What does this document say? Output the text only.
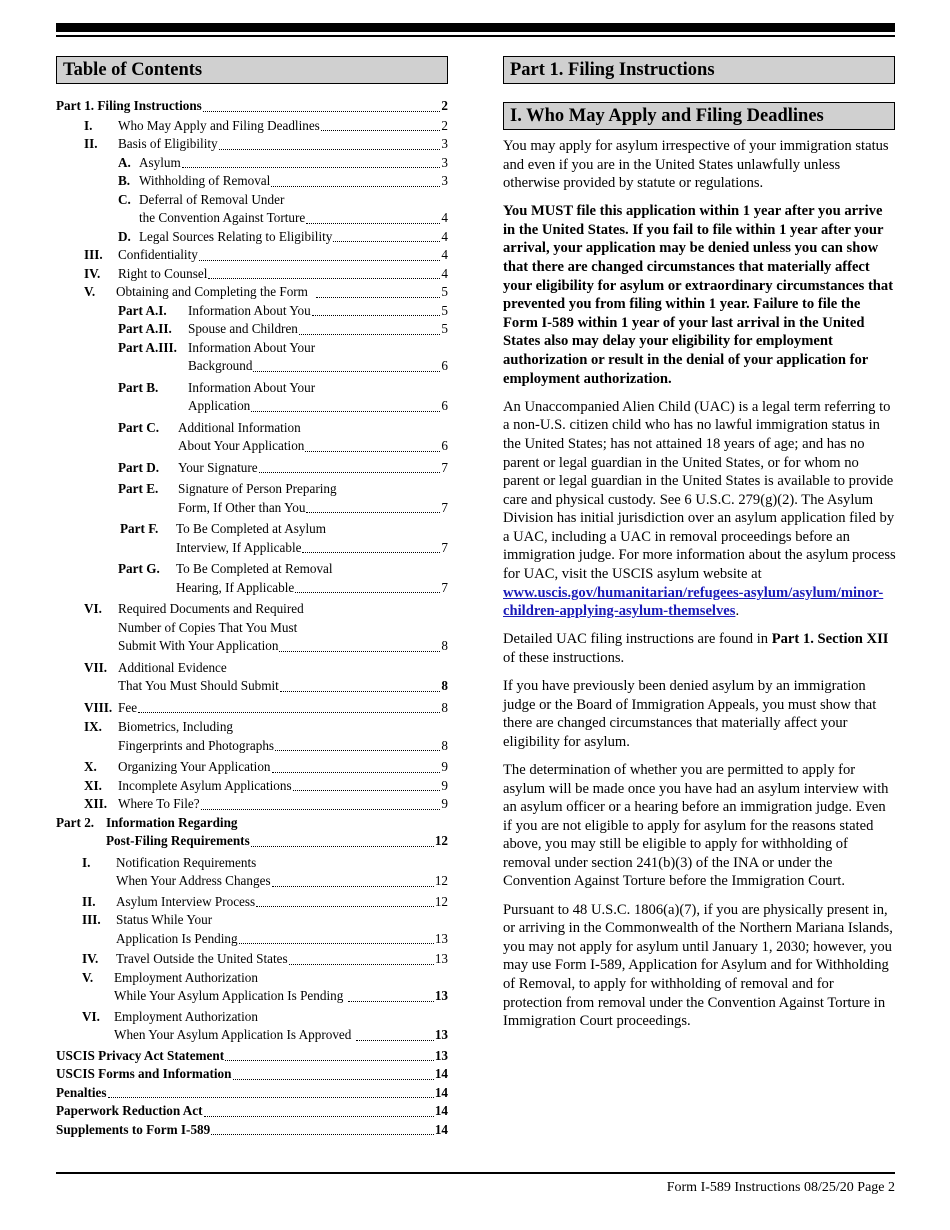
Table of Contents
Part 1. Filing Instructions	2
I.	Who May Apply and Filing Deadlines	2
II.	Basis of Eligibility	3
A. Asylum	3
B. Withholding of Removal	3
C. Deferral of Removal Under
the Convention Against Torture	4
D. Legal Sources Relating to Eligibility	4
III.	Confidentiality	4
IV.	Right to Counsel	4
V.	Obtaining and Completing the Form	5
Part A.I.	Information About You	5
Part A.II.	Spouse and Children	5
Part A.III. Information About Your
Background	6
Part B.	Information About Your
Application	6
Part C.	Additional Information
About Your Application	6
Part D.	Your Signature	7
Part E.	Signature of Person Preparing
Form, If Other than You	7
Part F.	To Be Completed at Asylum
Interview, If Applicable	7
Part G.	To Be Completed at Removal
Hearing, If Applicable	7
VI.	Required Documents and Required
Number of Copies That You Must
Submit With Your Application	8
VII. Additional Evidence
That You Must Should Submit	8
VIII. Fee	8
IX.	Biometrics, Including
Fingerprints and Photographs	8
X.	Organizing Your Application	9
XI.	Incomplete Asylum Applications	9
XII. Where To File?	9
Part 2. Information Regarding
Post-Filing Requirements	12
I.	Notification Requirements
When Your Address Changes	12
II.	Asylum Interview Process	12
III.	Status While Your
Application Is Pending	13
IV.	Travel Outside the United States	13
V.	Employment Authorization
While Your Asylum Application Is Pending	13
VI.	Employment Authorization
When Your Asylum Application Is Approved	13
USCIS Privacy Act Statement	13
USCIS Forms and Information	14
Penalties	14
Paperwork Reduction Act	14
Supplements to Form I-589	14
Part 1. Filing Instructions
I. Who May Apply and Filing Deadlines

You may apply for asylum irrespective of your immigration status and even if you are in the United States unlawfully unless otherwise provided by statute or regulations.

You MUST file this application within 1 year after you arrive in the United States. If you fail to file within 1 year after your arrival, your application may be denied unless you can show that there are changed circumstances that materially affect your eligibility for asylum or extraordinary circumstances that prevented you from filing within 1 year. Failure to file the Form I-589 within 1 year of your last arrival in the United States also may delay your eligibility for employment authorization or result in the denial of your application for employment authorization.

An Unaccompanied Alien Child (UAC) is a legal term referring to a non-U.S. citizen child who has no lawful immigration status in the United States; has not attained 18 years of age; and has no parent or legal guardian in the United States, or for whom no parent or legal guardian in the United States is available to provide care and physical custody. See 6 U.S.C. 279(g)(2). The Asylum Division has initial jurisdiction over an asylum application filed by a UAC, including a UAC in removal proceedings before an immigration judge. For more information about the asylum process for UAC, visit the USCIS asylum website at www.uscis.gov/humanitarian/refugees-asylum/asylum/minor-children-applying-asylum-themselves.

Detailed UAC filing instructions are found in Part 1. Section XII of these instructions.

If you have previously been denied asylum by an immigration judge or the Board of Immigration Appeals, you must show that there are changed circumstances that materially affect your eligibility for asylum.

The determination of whether you are permitted to apply for asylum will be made once you have had an asylum interview with an asylum officer or a hearing before an immigration judge. Even if you are not eligible to apply for asylum for the reasons stated above, you may still be eligible to apply for withholding of removal under section 241(b)(3) of the INA or under the Convention Against Torture before the Immigration Court.

Pursuant to 48 U.S.C. 1806(a)(7), if you are physically present in, or arriving in the Commonwealth of the Northern Mariana Islands, you may not apply for asylum until January 1, 2030; however, you may use Form I-589, Application for Asylum and for Withholding of Removal, to apply for withholding of removal and for protection from removal under the Convention Against Torture in Immigration Court proceedings.

Form I-589 Instructions 08/25/20 Page 2
